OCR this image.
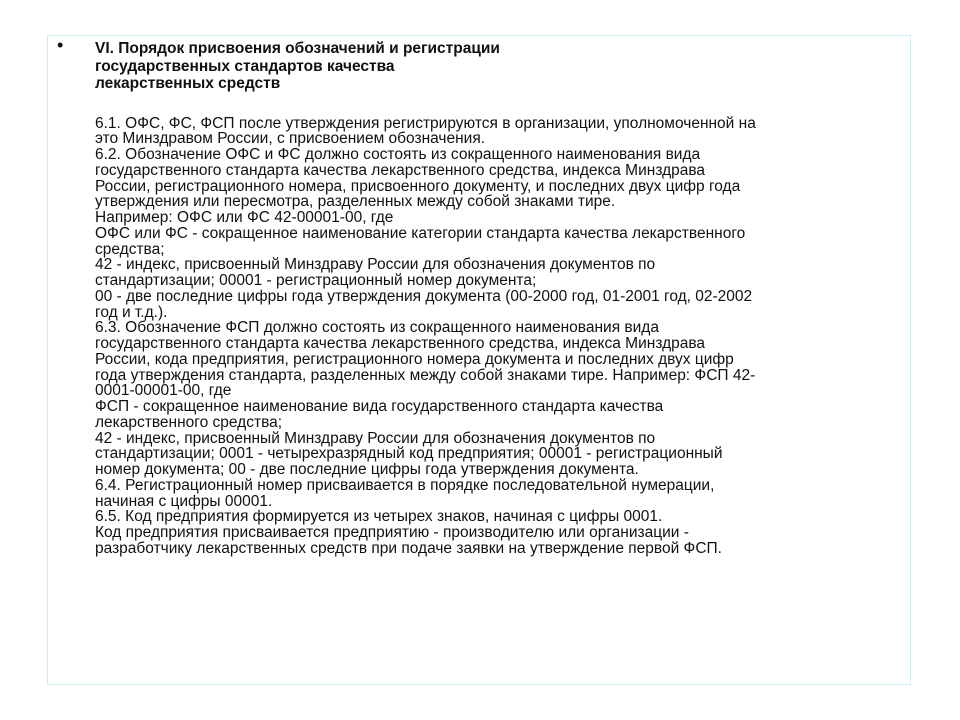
• VI. Порядок присвоения обозначений и регистрации
государственных стандартов качества
лекарственных средств
6.1. ОФС, ФС, ФСП после утверждения регистрируются в организации, уполномоченной на
это Минздравом России, с присвоением обозначения.
6.2. Обозначение ОФС и ФС должно состоять из сокращенного наименования вида
государственного стандарта качества лекарственного средства, индекса Минздрава
России, регистрационного номера, присвоенного документу, и последних двух цифр года
утверждения или пересмотра, разделенных между собой знаками тире.
Например: ОФС или ФС 42-00001-00, где
ОФС или ФС - сокращенное наименование категории стандарта качества лекарственного
средства;
42 - индекс, присвоенный Минздраву России для обозначения документов по
стандартизации; 00001 - регистрационный номер документа;
00 - две последние цифры года утверждения документа (00-2000 год, 01-2001 год, 02-2002
год и т.д.).
6.3. Обозначение ФСП должно состоять из сокращенного наименования вида
государственного стандарта качества лекарственного средства, индекса Минздрава
России, кода предприятия, регистрационного номера документа и последних двух цифр
года утверждения стандарта, разделенных между собой знаками тире. Например: ФСП 42-
0001-00001-00, где
ФСП - сокращенное наименование вида государственного стандарта качества
лекарственного средства;
42 - индекс, присвоенный Минздраву России для обозначения документов по
стандартизации; 0001 - четырехразрядный код предприятия; 00001 - регистрационный
номер документа; 00 - две последние цифры года утверждения документа.
6.4. Регистрационный номер присваивается в порядке последовательной нумерации,
начиная с цифры 00001.
6.5. Код предприятия формируется из четырех знаков, начиная с цифры 0001.
Код предприятия присваивается предприятию - производителю или организации -
разработчику лекарственных средств при подаче заявки на утверждение первой ФСП.
